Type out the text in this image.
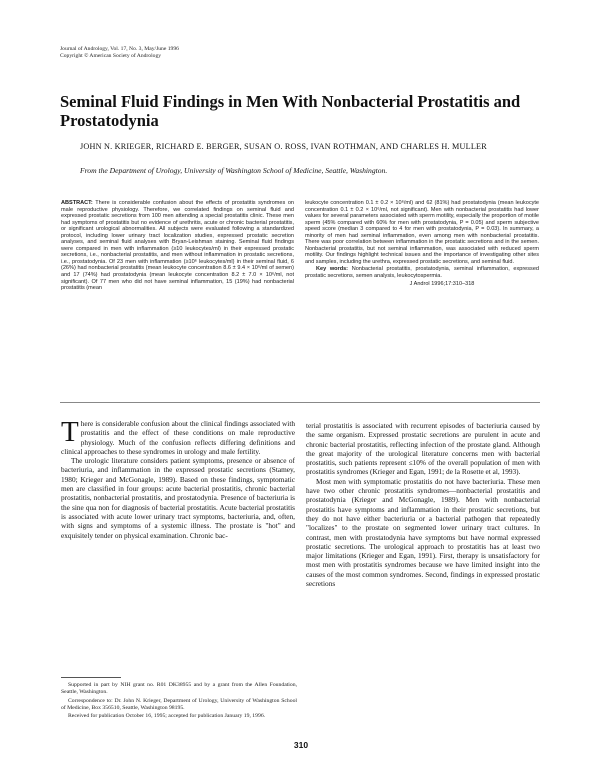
Journal of Andrology, Vol. 17, No. 3, May/June 1996
Copyright © American Society of Andrology
Seminal Fluid Findings in Men With Nonbacterial Prostatitis and Prostatodynia
JOHN N. KRIEGER, RICHARD E. BERGER, SUSAN O. ROSS, IVAN ROTHMAN, AND CHARLES H. MULLER
From the Department of Urology, University of Washington School of Medicine, Seattle, Washington.

ABSTRACT: There is considerable confusion about the effects of prostatitis syndromes on male reproductive physiology. Therefore, we correlated findings on seminal fluid and expressed prostatic secretions from 100 men attending a special prostatitis clinic. These men had symptoms of prostatitis but no evidence of urethritis, acute or chronic bacterial prostatitis, or significant urological abnormalities. All subjects were evaluated following a standardized protocol, including lower urinary tract localization studies, expressed prostatic secretion analyses, and seminal fluid analyses with Bryan-Leishman staining. Seminal fluid findings were compared in men with inflammation (≥10 leukocytes/ml) in their expressed prostatic secretions, i.e., nonbacterial prostatitis, and men without inflammation in prostatic secretions, i.e., prostatodynia. Of 23 men with inflammation (≥10⁶ leukocytes/ml) in their seminal fluid, 6 (26%) had nonbacterial prostatitis (mean leukocyte concentration 8.6 ± 9.4 × 10⁶/ml of semen) and 17 (74%) had prostatodynia (mean leukocyte concentration 8.2 ± 7.0 × 10⁶/ml, not significant). Of 77 men who did not have seminal inflammation, 15 (19%) had nonbacterial prostatitis (mean

leukocyte concentration 0.1 ± 0.2 × 10⁶/ml) and 62 (81%) had prostatodynia (mean leukocyte concentration 0.1 ± 0.2 × 10⁶/ml, not significant). Men with nonbacterial prostatitis had lower values for several parameters associated with sperm motility, especially the proportion of motile sperm (45% compared with 60% for men with prostatodynia, P = 0.05) and sperm subjective speed score (median 3 compared to 4 for men with prostatodynia, P = 0.03). In summary, a minority of men had seminal inflammation, even among men with nonbacterial prostatitis. There was poor correlation between inflammation in the prostatic secretions and in the semen. Nonbacterial prostatitis, but not seminal inflammation, was associated with reduced sperm motility. Our findings highlight technical issues and the importance of investigating other sites and samples, including the urethra, expressed prostatic secretions, and seminal fluid.

Key words: Nonbacterial prostatitis, prostatodynia, seminal inflammation, expressed prostatic secretions, semen analysis, leukocytospermia.

J Androl 1996;17:310–318

There is considerable confusion about the clinical findings associated with prostatitis and the effect of these conditions on male reproductive physiology. Much of the confusion reflects differing definitions and clinical approaches to these syndromes in urology and male fertility.

The urologic literature considers patient symptoms, presence or absence of bacteriuria, and inflammation in the expressed prostatic secretions (Stamey, 1980; Krieger and McGonagle, 1989). Based on these findings, symptomatic men are classified in four groups: acute bacterial prostatitis, chronic bacterial prostatitis, nonbacterial prostatitis, and prostatodynia. Presence of bacteriuria is the sine qua non for diagnosis of bacterial prostatitis. Acute bacterial prostatitis is associated with acute lower urinary tract symptoms, bacteriuria, and, often, with signs and symptoms of a systemic illness. The prostate is "hot" and exquisitely tender on physical examination. Chronic bac-

terial prostatitis is associated with recurrent episodes of bacteriuria caused by the same organism. Expressed prostatic secretions are purulent in acute and chronic bacterial prostatitis, reflecting infection of the prostate gland. Although the great majority of the urological literature concerns men with bacterial prostatitis, such patients represent ≤10% of the overall population of men with prostatitis syndromes (Krieger and Egan, 1991; de la Rosette et al, 1993).

Most men with symptomatic prostatitis do not have bacteriuria. These men have two other chronic prostatitis syndromes—nonbacterial prostatitis and prostatodynia (Krieger and McGonagle, 1989). Men with nonbacterial prostatitis have symptoms and inflammation in their prostatic secretions, but they do not have either bacteriuria or a bacterial pathogen that repeatedly "localizes" to the prostate on segmented lower urinary tract cultures. In contrast, men with prostatodynia have symptoms but have normal expressed prostatic secretions. The urological approach to prostatitis has at least two major limitations (Krieger and Egan, 1991). First, therapy is unsatisfactory for most men with prostatitis syndromes because we have limited insight into the causes of the most common syndromes. Second, findings in expressed prostatic secretions

Supported in part by NIH grant no. R01 DK38955 and by a grant from the Allen Foundation, Seattle, Washington.

Correspondence to: Dr. John N. Krieger, Department of Urology, University of Washington School of Medicine, Box 356510, Seattle, Washington 98195.

Received for publication October 16, 1995; accepted for publication January 19, 1996.

310
